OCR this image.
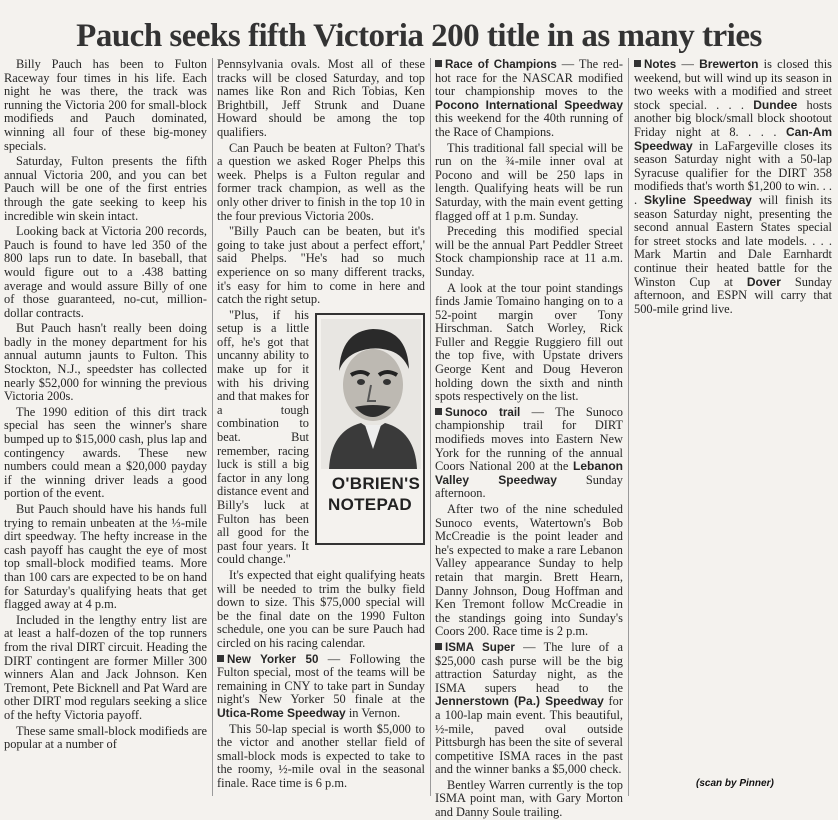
Pauch seeks fifth Victoria 200 title in as many tries

Billy Pauch has been to Fulton Raceway four times in his life. Each night he was there, the track was running the Victoria 200 for small-block modifieds and Pauch dominated, winning all four of these big-money specials.

Saturday, Fulton presents the fifth annual Victoria 200, and you can bet Pauch will be one of the first entries through the gate seeking to keep his incredible win skein intact.

Looking back at Victoria 200 records, Pauch is found to have led 350 of the 800 laps run to date. In baseball, that would figure out to a .438 batting average and would assure Billy of one of those guaranteed, no-cut, million-dollar contracts.

But Pauch hasn't really been doing badly in the money department for his annual autumn jaunts to Fulton. This Stockton, N.J., speedster has collected nearly $52,000 for winning the previous Victoria 200s.

The 1990 edition of this dirt track special has seen the winner's share bumped up to $15,000 cash, plus lap and contingency awards. These new numbers could mean a $20,000 payday if the winning driver leads a good portion of the event.

But Pauch should have his hands full trying to remain unbeaten at the ⅓-mile dirt speedway. The hefty increase in the cash payoff has caught the eye of most top small-block modified teams. More than 100 cars are expected to be on hand for Saturday's qualifying heats that get flagged away at 4 p.m.

Included in the lengthy entry list are at least a half-dozen of the top runners from the rival DIRT circuit. Heading the DIRT contingent are former Miller 300 winners Alan and Jack Johnson. Ken Tremont, Pete Bicknell and Pat Ward are other DIRT mod regulars seeking a slice of the hefty Victoria payoff.

These same small-block modifieds are popular at a number of

Pennsylvania ovals. Most all of these tracks will be closed Saturday, and top names like Ron and Rich Tobias, Ken Brightbill, Jeff Strunk and Duane Howard should be among the top qualifiers.

Can Pauch be beaten at Fulton? That's a question we asked Roger Phelps this week. Phelps is a Fulton regular and former track champion, as well as the only other driver to finish in the top 10 in the four previous Victoria 200s.

"Billy Pauch can be beaten, but it's going to take just about a perfect effort,' said Phelps. "He's had so much experience on so many different tracks, it's easy for him to come in here and catch the right setup.

O'BRIEN'S NOTEPAD
"Plus, if his setup is a little off, he's got that uncanny ability to make up for it with his driving and that makes for a tough combination to beat. But remember, racing luck is still a big factor in any long distance event and Billy's luck at Fulton has been all good for the past four years. It could change."

It's expected that eight qualifying heats will be needed to trim the bulky field down to size. This $75,000 special will be the final date on the 1990 Fulton schedule, one you can be sure Pauch had circled on his racing calendar.

New Yorker 50 — Following the Fulton special, most of the teams will be remaining in CNY to take part in Sunday night's New Yorker 50 finale at the Utica-Rome Speedway in Vernon.

This 50-lap special is worth $5,000 to the victor and another stellar field of small-block mods is expected to take to the roomy, ½-mile oval in the seasonal finale. Race time is 6 p.m.

Race of Champions — The red-hot race for the NASCAR modified tour championship moves to the Pocono International Speedway this weekend for the 40th running of the Race of Champions.

This traditional fall special will be run on the ¾-mile inner oval at Pocono and will be 250 laps in length. Qualifying heats will be run Saturday, with the main event getting flagged off at 1 p.m. Sunday.

Preceding this modified special will be the annual Part Peddler Street Stock championship race at 11 a.m. Sunday.

A look at the tour point standings finds Jamie Tomaino hanging on to a 52-point margin over Tony Hirschman. Satch Worley, Rick Fuller and Reggie Ruggiero fill out the top five, with Upstate drivers George Kent and Doug Heveron holding down the sixth and ninth spots respectively on the list.

Sunoco trail — The Sunoco championship trail for DIRT modifieds moves into Eastern New York for the running of the annual Coors National 200 at the Lebanon Valley Speedway Sunday afternoon.

After two of the nine scheduled Sunoco events, Watertown's Bob McCreadie is the point leader and he's expected to make a rare Lebanon Valley appearance Sunday to help retain that margin. Brett Hearn, Danny Johnson, Doug Hoffman and Ken Tremont follow McCreadie in the standings going into Sunday's Coors 200. Race time is 2 p.m.

ISMA Super — The lure of a $25,000 cash purse will be the big attraction Saturday night, as the ISMA supers head to the Jennerstown (Pa.) Speedway for a 100-lap main event. This beautiful, ½-mile, paved oval outside Pittsburgh has been the site of several competitive ISMA races in the past and the winner banks a $5,000 check.

Bentley Warren currently is the top ISMA point man, with Gary Morton and Danny Soule trailing.

Notes — Brewerton is closed this weekend, but will wind up its season in two weeks with a modified and street stock special. . . . Dundee hosts another big block/small block shootout Friday night at 8. . . . Can-Am Speedway in LaFargeville closes its season Saturday night with a 50-lap Syracuse qualifier for the DIRT 358 modifieds that's worth $1,200 to win. . . . Skyline Speedway will finish its season Saturday night, presenting the second annual Eastern States special for street stocks and late models. . . . Mark Martin and Dale Earnhardt continue their heated battle for the Winston Cup at Dover Sunday afternoon, and ESPN will carry that 500-mile grind live.

(scan by Pinner)
